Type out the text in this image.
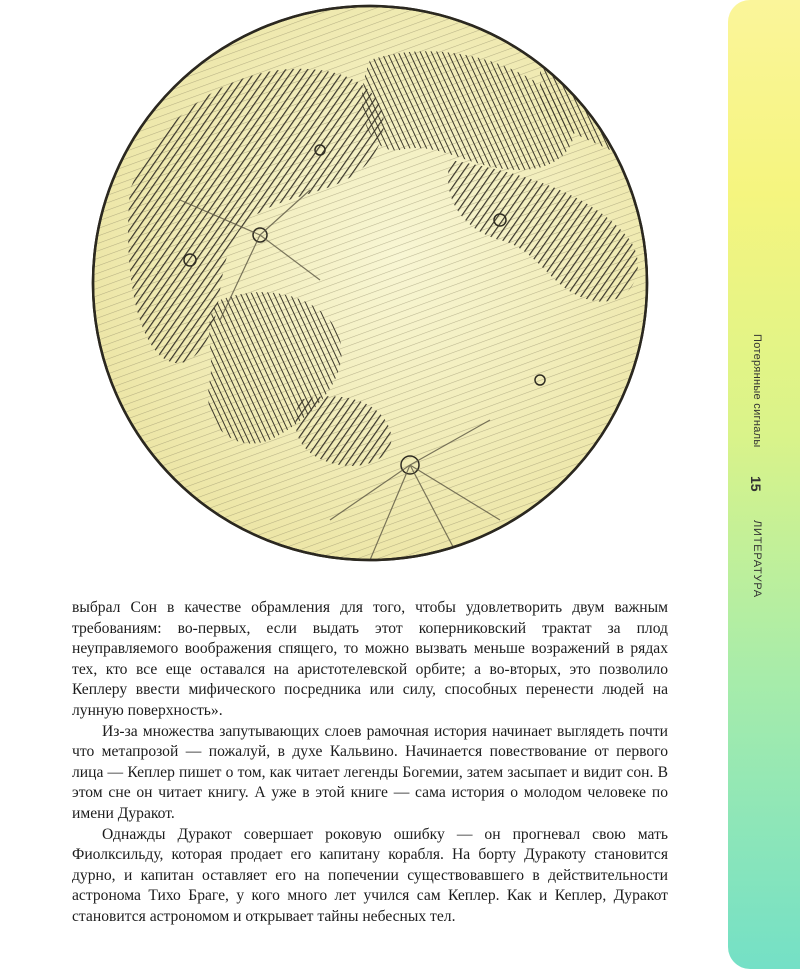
выбрал Сон в качестве обрамления для того, чтобы удовлетворить двум важным требованиям: во-первых, если выдать этот коперниковский трактат за плод неуправляемого воображения спящего, то можно вызвать меньше возражений в рядах тех, кто все еще оставался на аристотелевской орбите; а во-вторых, это позволило Кеплеру ввести мифического посредника или силу, способных перенести людей на лунную поверхность».

Из-за множества запутывающих слоев рамочная история начинает выглядеть почти что метапрозой — пожалуй, в духе Кальвино. Начинается повествование от первого лица — Кеплер пишет о том, как читает легенды Богемии, затем засыпает и видит сон. В этом сне он читает книгу. А уже в этой книге — сама история о молодом человеке по имени Дуракот.

Однажды Дуракот совершает роковую ошибку — он прогневал свою мать Фиолксильду, которая продает его капитану корабля. На борту Дуракоту становится дурно, и капитан оставляет его на попечении существовавшего в действительности астронома Тихо Браге, у кого много лет учился сам Кеплер. Как и Кеплер, Дуракот становится астрономом и открывает тайны небесных тел.

Потерянные сигналы
15
ЛИТЕРАТУРА
